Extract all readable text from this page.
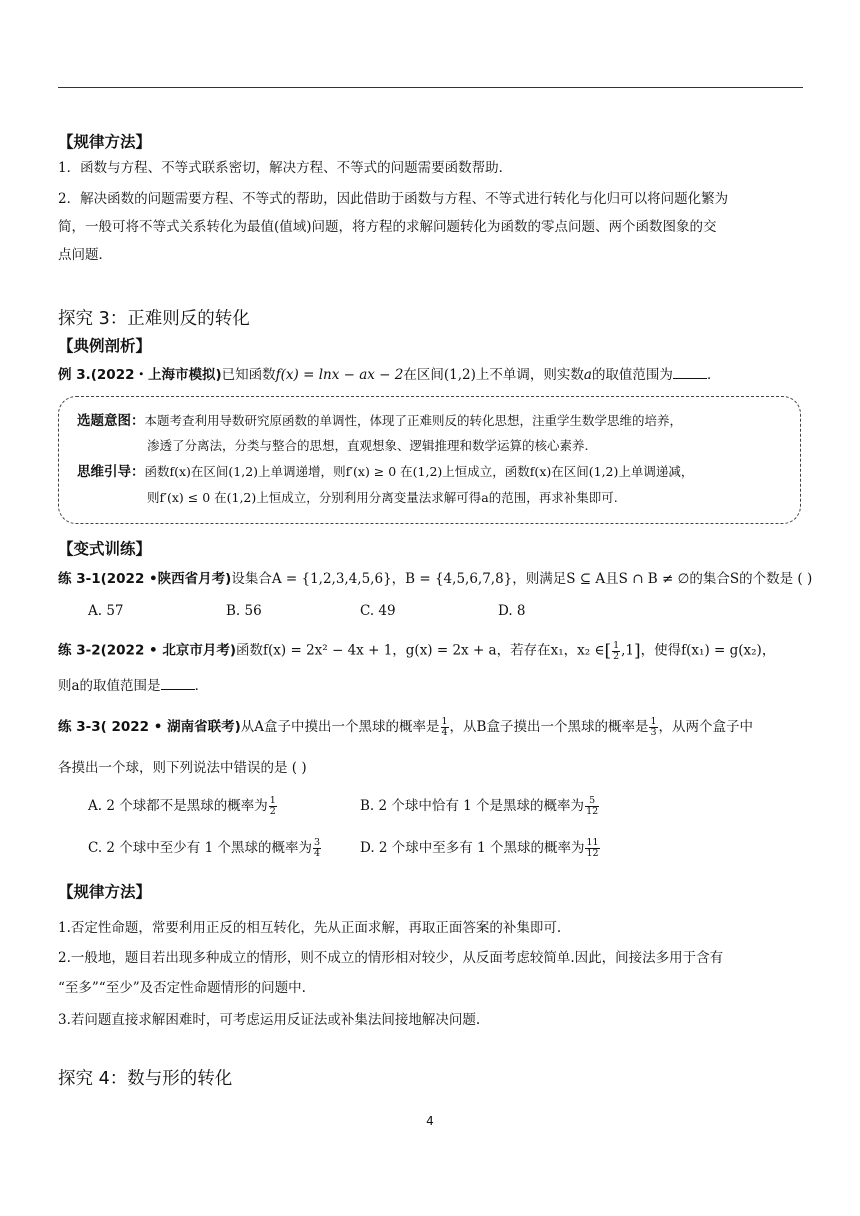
【规律方法】
1．函数与方程、不等式联系密切，解决方程、不等式的问题需要函数帮助．
2．解决函数的问题需要方程、不等式的帮助，因此借助于函数与方程、不等式进行转化与化归可以将问题化繁为
简，一般可将不等式关系转化为最值(值域)问题，将方程的求解问题转化为函数的零点问题、两个函数图象的交
点问题．
探究 3：正难则反的转化
【典例剖析】
例 3.(2022・上海市模拟)已知函数f(x) = lnx − ax − 2在区间(1,2)上不单调，则实数a的取值范围为	．
选题意图：本题考查利用导数研究原函数的单调性，体现了正难则反的转化思想，注重学生数学思维的培养，
渗透了分离法，分类与整合的思想，直观想象、逻辑推理和数学运算的核心素养.
思维引导：函数f(x)在区间(1,2)上单调递增，则f′(x) ≥ 0 在(1,2)上恒成立，函数f(x)在区间(1,2)上单调递减，
则f′(x) ≤ 0 在(1,2)上恒成立，分别利用分离变量法求解可得a的范围，再求补集即可.
【变式训练】
练 3-1(2022 •陕西省月考)设集合A = {1,2,3,4,5,6}，B = {4,5,6,7,8}，则满足S ⊆ A且S ∩ B ≠ ∅的集合S的个数是 ( )
A. 57	B. 56	C. 49	D. 8
练 3-2(2022 • 北京市月考)函数f(x) = 2x² − 4x + 1，g(x) = 2x + a，若存在x₁，x₂ ∈[ $\frac{1}{2} ,1$]，使得f(x₁) = g(x₂)，
则a的取值范围是	．
练 3-3( 2022 • 湖南省联考)从A盒子中摸出一个黑球的概率是 $\frac{1}{4}$ ，从B盒子摸出一个黑球的概率是 $\frac{1}{3}$ ，从两个盒子中
各摸出一个球，则下列说法中错误的是 ( )
A. 2 个球都不是黑球的概率为 $\frac{1}{2}$	B. 2 个球中恰有 1 个是黑球的概率为 $\frac{5}{12}$
C. 2 个球中至少有 1 个黑球的概率为 $\frac{3}{4}$	D. 2 个球中至多有 1 个黑球的概率为 $\frac{11}{12}$
【规律方法】
1.否定性命题，常要利用正反的相互转化，先从正面求解，再取正面答案的补集即可.
2.一般地，题目若出现多种成立的情形，则不成立的情形相对较少，从反面考虑较简单.因此，间接法多用于含有
“至多”“至少”及否定性命题情形的问题中.
3.若问题直接求解困难时，可考虑运用反证法或补集法间接地解决问题.
探究 4：数与形的转化
4
